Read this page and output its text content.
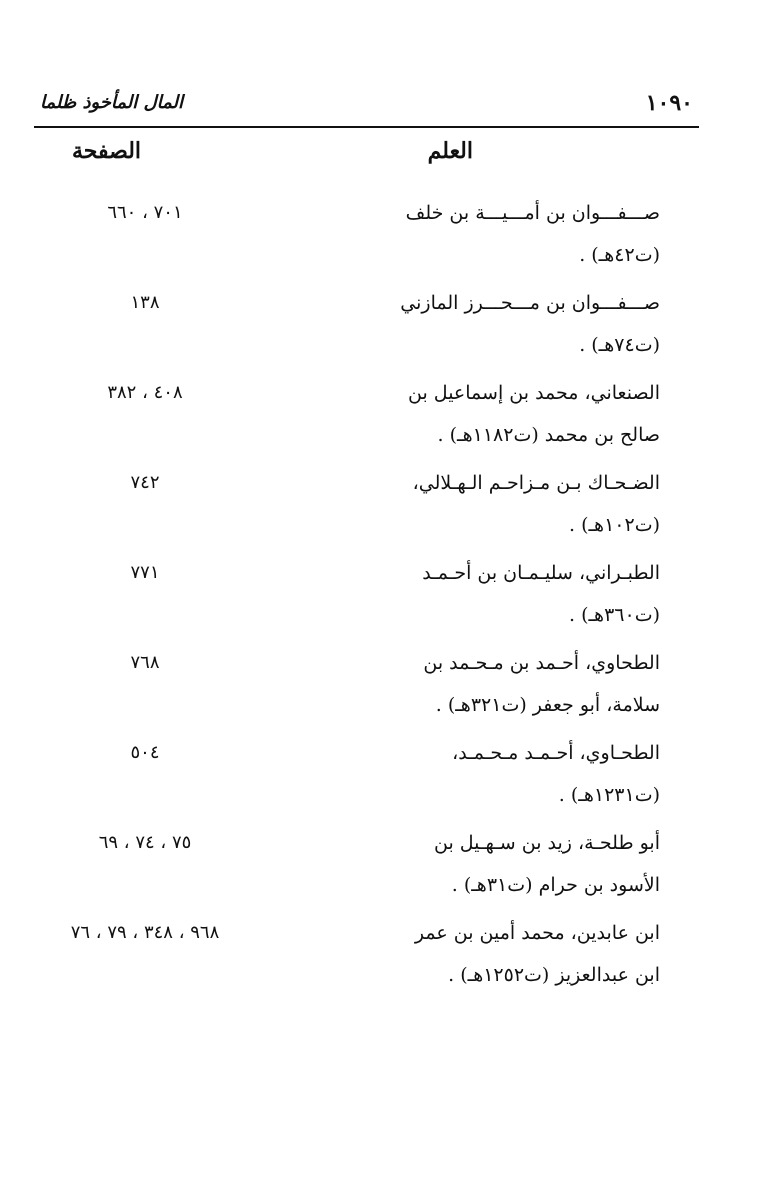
١٠٩٠
المال المأخوذ ظلما
العلم
الصفحة
صـــفـــوان بن أمـــيـــة بن خلف
(ت٤٢هـ) .
٧٠١ ، ٦٦٠
صـــفـــوان بن مـــحـــرز المازني
(ت٧٤هـ) .
١٣٨
الصنعاني، محمد بن إسماعيل بن
صالح بن محمد (ت١١٨٢هـ) .
٤٠٨ ، ٣٨٢
الضـحـاك بـن مـزاحـم الـهـلالي،
(ت١٠٢هـ) .
٧٤٢
الطبـراني، سليـمـان بن أحـمـد
(ت٣٦٠هـ) .
٧٧١
الطحاوي، أحـمد بن مـحـمد بن
سلامة، أبو جعفر (ت٣٢١هـ) .
٧٦٨
الطحـاوي، أحـمـد مـحـمـد،
(ت١٢٣١هـ) .
٥٠٤
أبو طلحـة، زيد بن سـهـيل بن
الأسود بن حرام (ت٣١هـ) .
٧٥ ، ٧٤ ، ٦٩
ابن عابدين، محمد أمين بن عمر
ابن عبدالعزيز (ت١٢٥٢هـ) .
٩٦٨ ، ٣٤٨ ، ٧٩ ، ٧٦
